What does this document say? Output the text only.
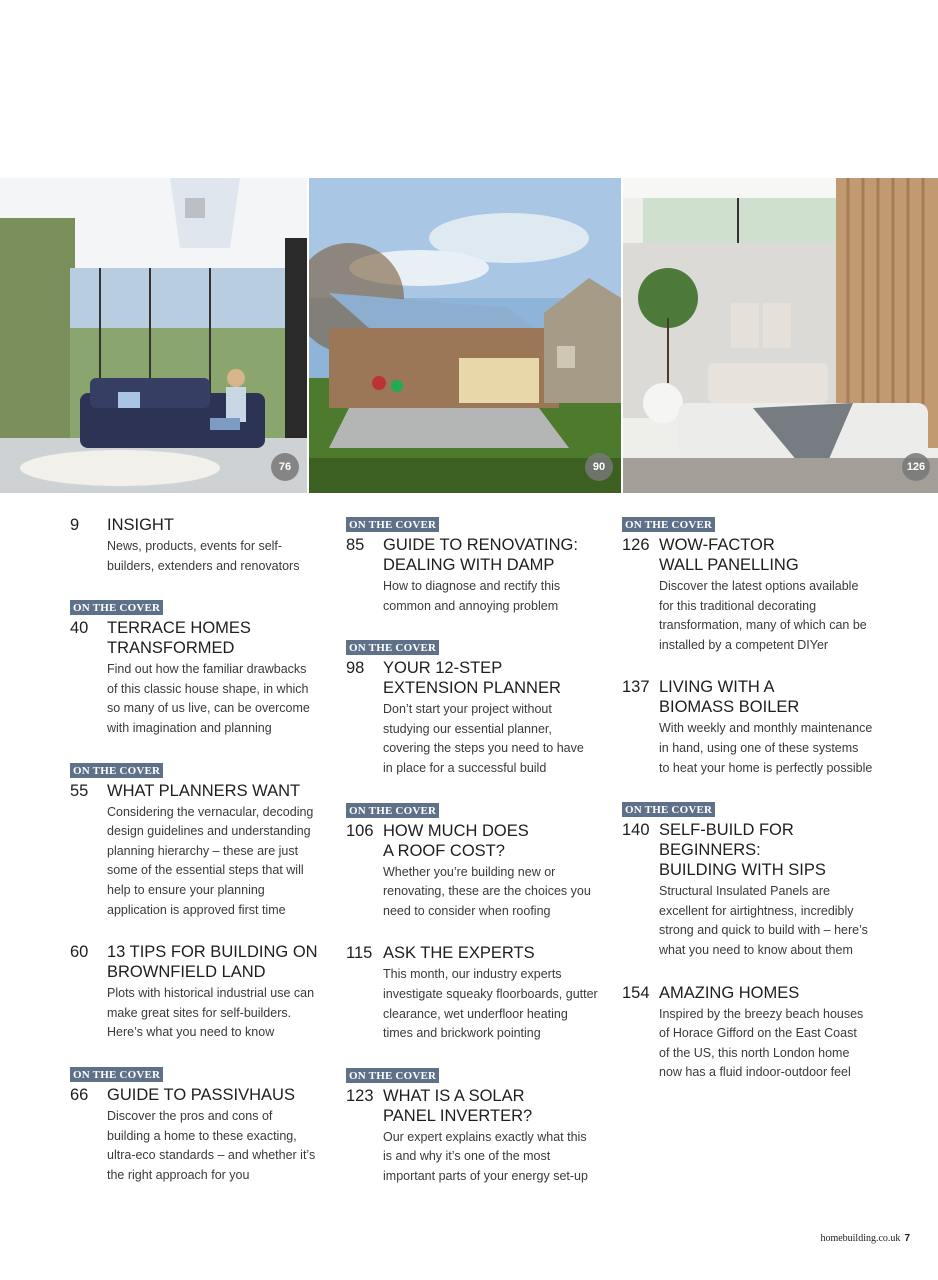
76	90	126
9	INSIGHT
News, products, events for self-
builders, extenders and renovators
ON THE COVER
40	TERRACE HOMES
TRANSFORMED
Find out how the familiar drawbacks
of this classic house shape, in which
so many of us live, can be overcome
with imagination and planning
ON THE COVER
55	WHAT PLANNERS WANT
Considering the vernacular, decoding
design guidelines and understanding
planning hierarchy – these are just
some of the essential steps that will
help to ensure your planning
application is approved first time
60	13 TIPS FOR BUILDING ON
BROWNFIELD LAND
Plots with historical industrial use can
make great sites for self-builders.
Here’s what you need to know
ON THE COVER
66	GUIDE TO PASSIVHAUS
Discover the pros and cons of
building a home to these exacting,
ultra-eco standards – and whether it’s
the right approach for you
ON THE COVER
85	GUIDE TO RENOVATING:
DEALING WITH DAMP
How to diagnose and rectify this
common and annoying problem
ON THE COVER
98	YOUR 12-STEP
EXTENSION PLANNER
Don’t start your project without
studying our essential planner,
covering the steps you need to have
in place for a successful build
ON THE COVER
106 HOW MUCH DOES
A ROOF COST?
Whether you’re building new or
renovating, these are the choices you
need to consider when roofing
115 ASK THE EXPERTS
This month, our industry experts
investigate squeaky floorboards, gutter
clearance, wet underfloor heating
times and brickwork pointing
ON THE COVER
123 WHAT IS A SOLAR
PANEL INVERTER?
Our expert explains exactly what this
is and why it’s one of the most
important parts of your energy set-up
ON THE COVER
126 WOW-FACTOR
WALL PANELLING
Discover the latest options available
for this traditional decorating
transformation, many of which can be
installed by a competent DIYer
137 LIVING WITH A
BIOMASS BOILER
With weekly and monthly maintenance
in hand, using one of these systems
to heat your home is perfectly possible
ON THE COVER
140 SELF-BUILD FOR BEGINNERS:
BUILDING WITH SIPS
Structural Insulated Panels are
excellent for airtightness, incredibly
strong and quick to build with – here’s
what you need to know about them
154 AMAZING HOMES
Inspired by the breezy beach houses
of Horace Gifford on the East Coast
of the US, this north London home
now has a fluid indoor-outdoor feel
homebuilding.co.uk 7
